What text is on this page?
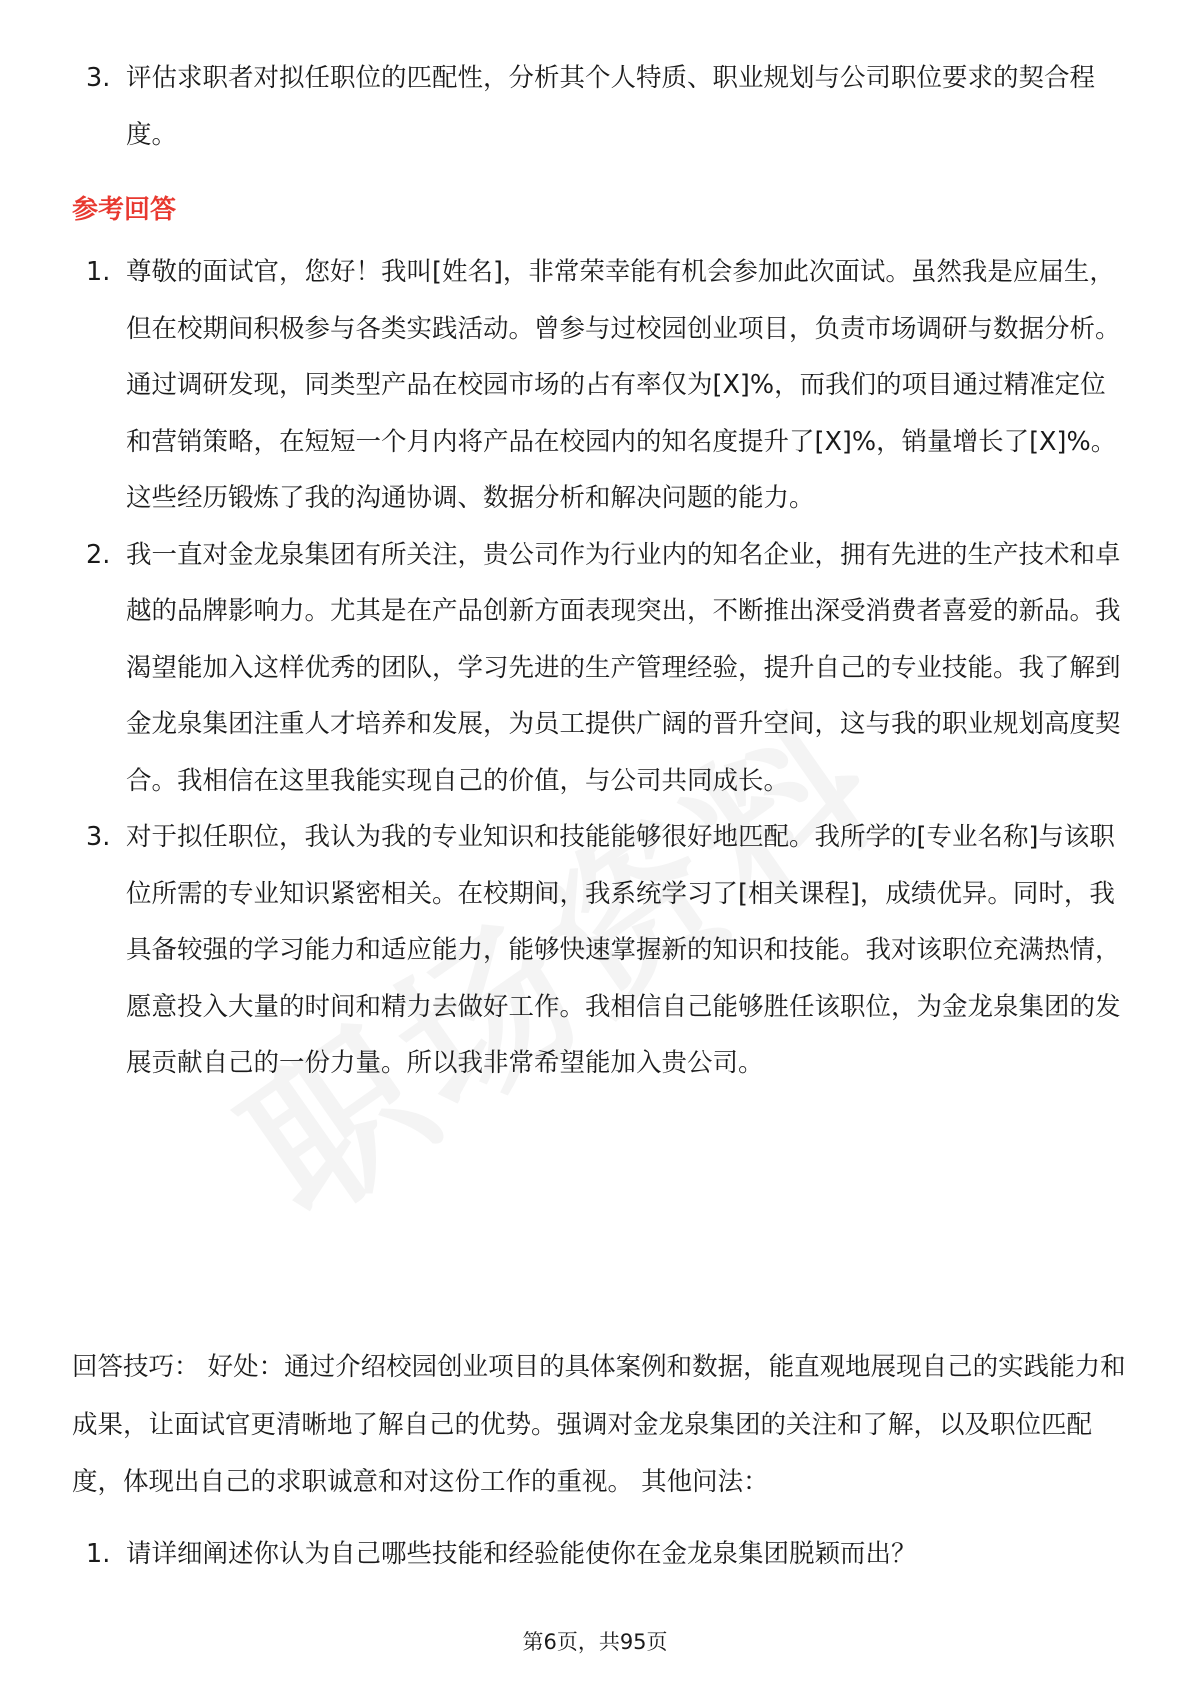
3. 评估求职者对拟任职位的匹配性，分析其个人特质、职业规划与公司职位要求的契合程度。

参考回答

1. 尊敬的面试官，您好！我叫[姓名]，非常荣幸能有机会参加此次面试。虽然我是应届生，但在校期间积极参与各类实践活动。曾参与过校园创业项目，负责市场调研与数据分析。通过调研发现，同类型产品在校园市场的占有率仅为[X]%，而我们的项目通过精准定位和营销策略，在短短一个月内将产品在校园内的知名度提升了[X]%，销量增长了[X]%。这些经历锻炼了我的沟通协调、数据分析和解决问题的能力。

2. 我一直对金龙泉集团有所关注，贵公司作为行业内的知名企业，拥有先进的生产技术和卓越的品牌影响力。尤其是在产品创新方面表现突出，不断推出深受消费者喜爱的新品。我渴望能加入这样优秀的团队，学习先进的生产管理经验，提升自己的专业技能。我了解到金龙泉集团注重人才培养和发展，为员工提供广阔的晋升空间，这与我的职业规划高度契合。我相信在这里我能实现自己的价值，与公司共同成长。

3. 对于拟任职位，我认为我的专业知识和技能能够很好地匹配。我所学的[专业名称]与该职位所需的专业知识紧密相关。在校期间，我系统学习了[相关课程]，成绩优异。同时，我具备较强的学习能力和适应能力，能够快速掌握新的知识和技能。我对该职位充满热情，愿意投入大量的时间和精力去做好工作。我相信自己能够胜任该职位，为金龙泉集团的发展贡献自己的一份力量。所以我非常希望能加入贵公司。

回答技巧： 好处：通过介绍校园创业项目的具体案例和数据，能直观地展现自己的实践能力和成果，让面试官更清晰地了解自己的优势。强调对金龙泉集团的关注和了解，以及职位匹配度，体现出自己的求职诚意和对这份工作的重视。 其他问法：

1. 请详细阐述你认为自己哪些技能和经验能使你在金龙泉集团脱颖而出？

第6页，共95页
